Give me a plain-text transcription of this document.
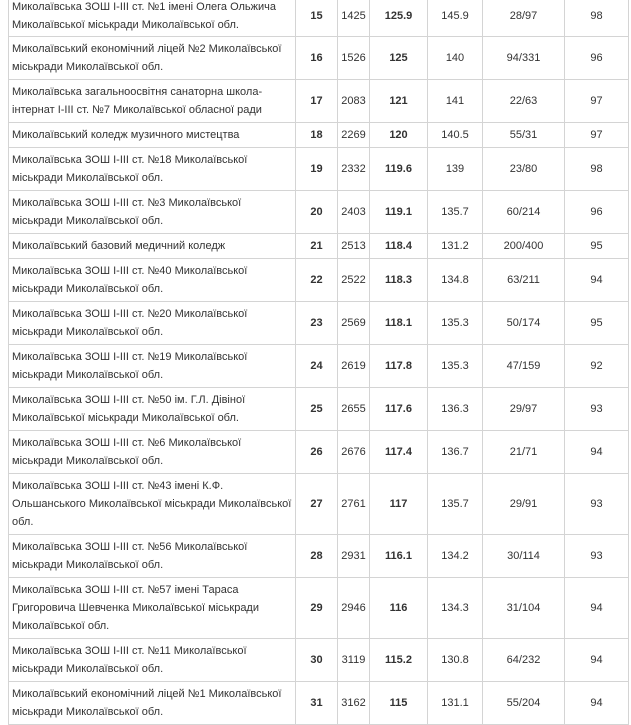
Миколаївська ЗОШ І-ІІІ ст. №1 імені Олега Ольжича Миколаївської міськради Миколаївської обл.	15	1425	125.9	145.9	28/97	98
Миколаївський економічний ліцей №2 Миколаївської міськради Миколаївської обл.	16	1526	125	140	94/331	96
Миколаївська загальноосвітня санаторна школа-інтернат І-ІІІ ст. №7 Миколаївської обласної ради	17	2083	121	141	22/63	97
Миколаївський коледж музичного мистецтва	18	2269	120	140.5	55/31	97
Миколаївська ЗОШ І-ІІІ ст. №18 Миколаївської міськради Миколаївської обл.	19	2332	119.6	139	23/80	98
Миколаївська ЗОШ І-ІІІ ст. №3 Миколаївської міськради Миколаївської обл.	20	2403	119.1	135.7	60/214	96
Миколаївський базовий медичний коледж	21	2513	118.4	131.2	200/400	95
Миколаївська ЗОШ І-ІІІ ст. №40 Миколаївської міськради Миколаївської обл.	22	2522	118.3	134.8	63/211	94
Миколаївська ЗОШ І-ІІІ ст. №20 Миколаївської міськради Миколаївської обл.	23	2569	118.1	135.3	50/174	95
Миколаївська ЗОШ І-ІІІ ст. №19 Миколаївської міськради Миколаївської обл.	24	2619	117.8	135.3	47/159	92
Миколаївська ЗОШ І-ІІІ ст. №50 ім. Г.Л. Дівіної Миколаївської міськради Миколаївської обл.	25	2655	117.6	136.3	29/97	93
Миколаївська ЗОШ І-ІІІ ст. №6 Миколаївської міськради Миколаївської обл.	26	2676	117.4	136.7	21/71	94
Миколаївська ЗОШ І-ІІІ ст. №43 імені К.Ф. Ольшанського Миколаївської міськради Миколаївської обл.	27	2761	117	135.7	29/91	93
Миколаївська ЗОШ І-ІІІ ст. №56 Миколаївської міськради Миколаївської обл.	28	2931	116.1	134.2	30/114	93
Миколаївська ЗОШ І-ІІІ ст. №57 імені Тараса Григоровича Шевченка Миколаївської міськради Миколаївської обл.	29	2946	116	134.3	31/104	94
Миколаївська ЗОШ І-ІІІ ст. №11 Миколаївської міськради Миколаївської обл.	30	3119	115.2	130.8	64/232	94
Миколаївський економічний ліцей №1 Миколаївської міськради Миколаївської обл.	31	3162	115	131.1	55/204	94
